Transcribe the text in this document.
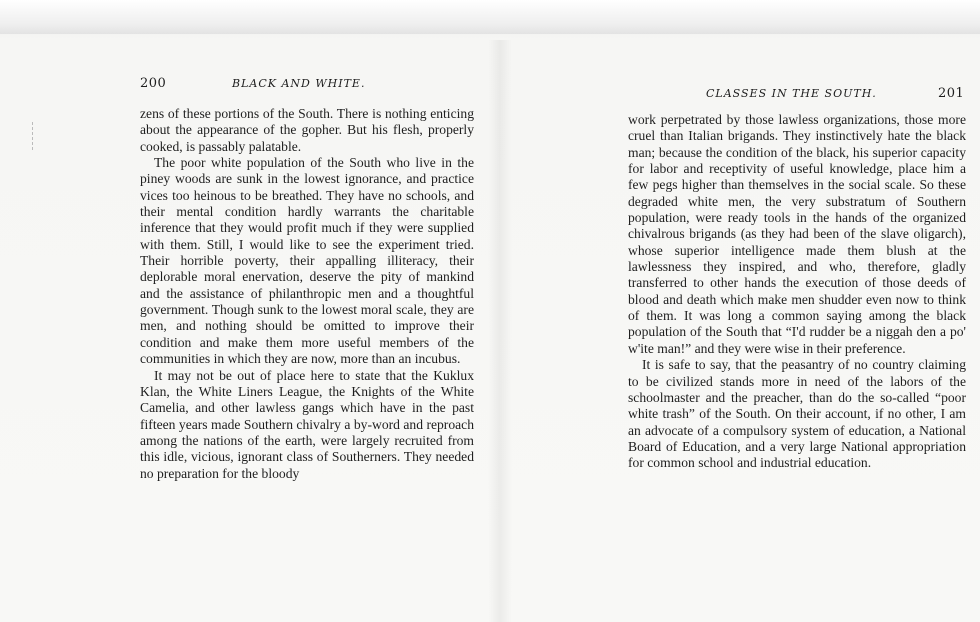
200	BLACK AND WHITE.

zens of these portions of the South. There is nothing enticing about the appearance of the gopher. But his flesh, properly cooked, is passably palatable.

The poor white population of the South who live in the piney woods are sunk in the lowest ignorance, and practice vices too heinous to be breathed. They have no schools, and their mental condition hardly warrants the charitable inference that they would profit much if they were supplied with them. Still, I would like to see the experiment tried. Their horrible poverty, their appalling illiteracy, their deplorable moral enervation, deserve the pity of mankind and the assistance of philanthropic men and a thoughtful government. Though sunk to the lowest moral scale, they are men, and nothing should be omitted to improve their condition and make them more useful members of the communities in which they are now, more than an incubus.

It may not be out of place here to state that the Kuklux Klan, the White Liners League, the Knights of the White Camelia, and other lawless gangs which have in the past fifteen years made Southern chivalry a by-word and reproach among the nations of the earth, were largely recruited from this idle, vicious, ignorant class of Southerners. They needed no preparation for the bloody

CLASSES IN THE SOUTH.	201

work perpetrated by those lawless organizations, those more cruel than Italian brigands. They instinctively hate the black man; because the condition of the black, his superior capacity for labor and receptivity of useful knowledge, place him a few pegs higher than themselves in the social scale. So these degraded white men, the very substratum of Southern population, were ready tools in the hands of the organized chivalrous brigands (as they had been of the slave oligarch), whose superior intelligence made them blush at the lawlessness they inspired, and who, therefore, gladly transferred to other hands the execution of those deeds of blood and death which make men shudder even now to think of them. It was long a common saying among the black population of the South that “I'd rudder be a niggah den a po' w'ite man!” and they were wise in their preference.

It is safe to say, that the peasantry of no country claiming to be civilized stands more in need of the labors of the schoolmaster and the preacher, than do the so-called “poor white trash” of the South. On their account, if no other, I am an advocate of a compulsory system of education, a National Board of Education, and a very large National appropriation for common school and industrial education.
